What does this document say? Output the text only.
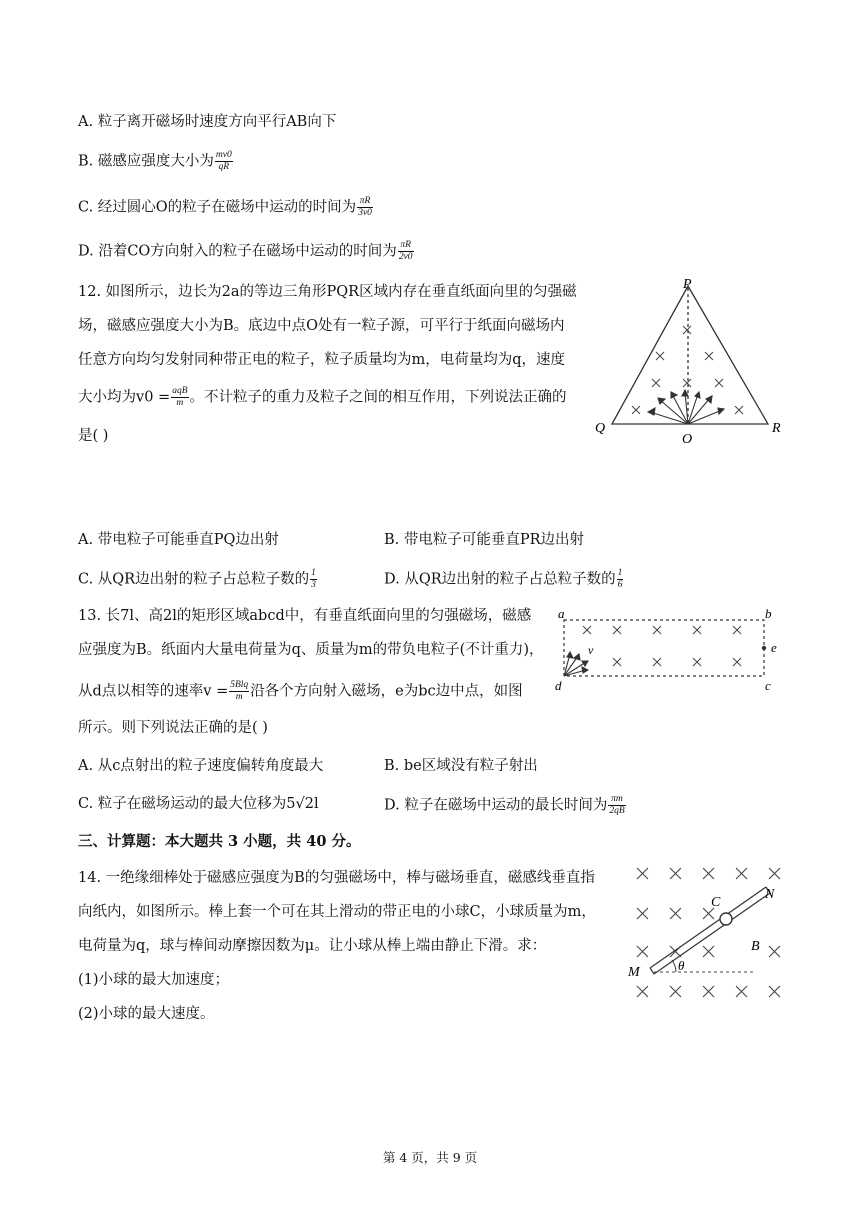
A. 粒子离开磁场时速度方向平行AB向下
B. 磁感应强度大小为 $\frac{mv0}{qR}$
C. 经过圆心O的粒子在磁场中运动的时间为 $\frac{\pi R}{3v0}$
D. 沿着CO方向射入的粒子在磁场中运动的时间为 $\frac{\pi R}{2v0}$
12. 如图所示，边长为2a的等边三角形PQR区域内存在垂直纸面向里的匀强磁
场，磁感应强度大小为B。底边中点O处有一粒子源，可平行于纸面向磁场内
任意方向均匀发射同种带正电的粒子，粒子质量均为m，电荷量均为q，速度
大小均为$v0 = \frac{\text{aqB}}{m}$ 。不计粒子的重力及粒子之间的相互作用，下列说法正确的
是( )
P
Q	R
O
A. 带电粒子可能垂直PQ边出射	B. 带电粒子可能垂直PR边出射
C. 从QR边出射的粒子占总粒子数的 $\frac{1}{3}$	D. 从QR边出射的粒子占总粒子数的 $\frac{1}{6}$
13. 长7l、高2l的矩形区域abcd中，有垂直纸面向里的匀强磁场，磁感
应强度为B。纸面内大量电荷量为q、质量为m的带负电粒子(不计重力)，
从d点以相等的速率$v = \frac{\text{5Blq}}{m}$ 沿各个方向射入磁场，e为bc边中点，如图
所示。则下列说法正确的是( )
a	b
c
d
e
v
A. 从c点射出的粒子速度偏转角度最大	B. be区域没有粒子射出
C. 粒子在磁场运动的最大位移为5√2l	D. 粒子在磁场中运动的最长时间为 $\frac{\pi m}{2qB}$
三、计算题：本大题共 3 小题，共 40 分。
14. 一绝缘细棒处于磁感应强度为B的匀强磁场中，棒与磁场垂直，磁感线垂直指
向纸内，如图所示。棒上套一个可在其上滑动的带正电的小球C，小球质量为m，
电荷量为q，球与棒间动摩擦因数为μ。让小球从棒上端由静止下滑。求：
(1)小球的最大加速度；
(2)小球的最大速度。
C
N
B
M	θ
第 4 页，共 9 页
